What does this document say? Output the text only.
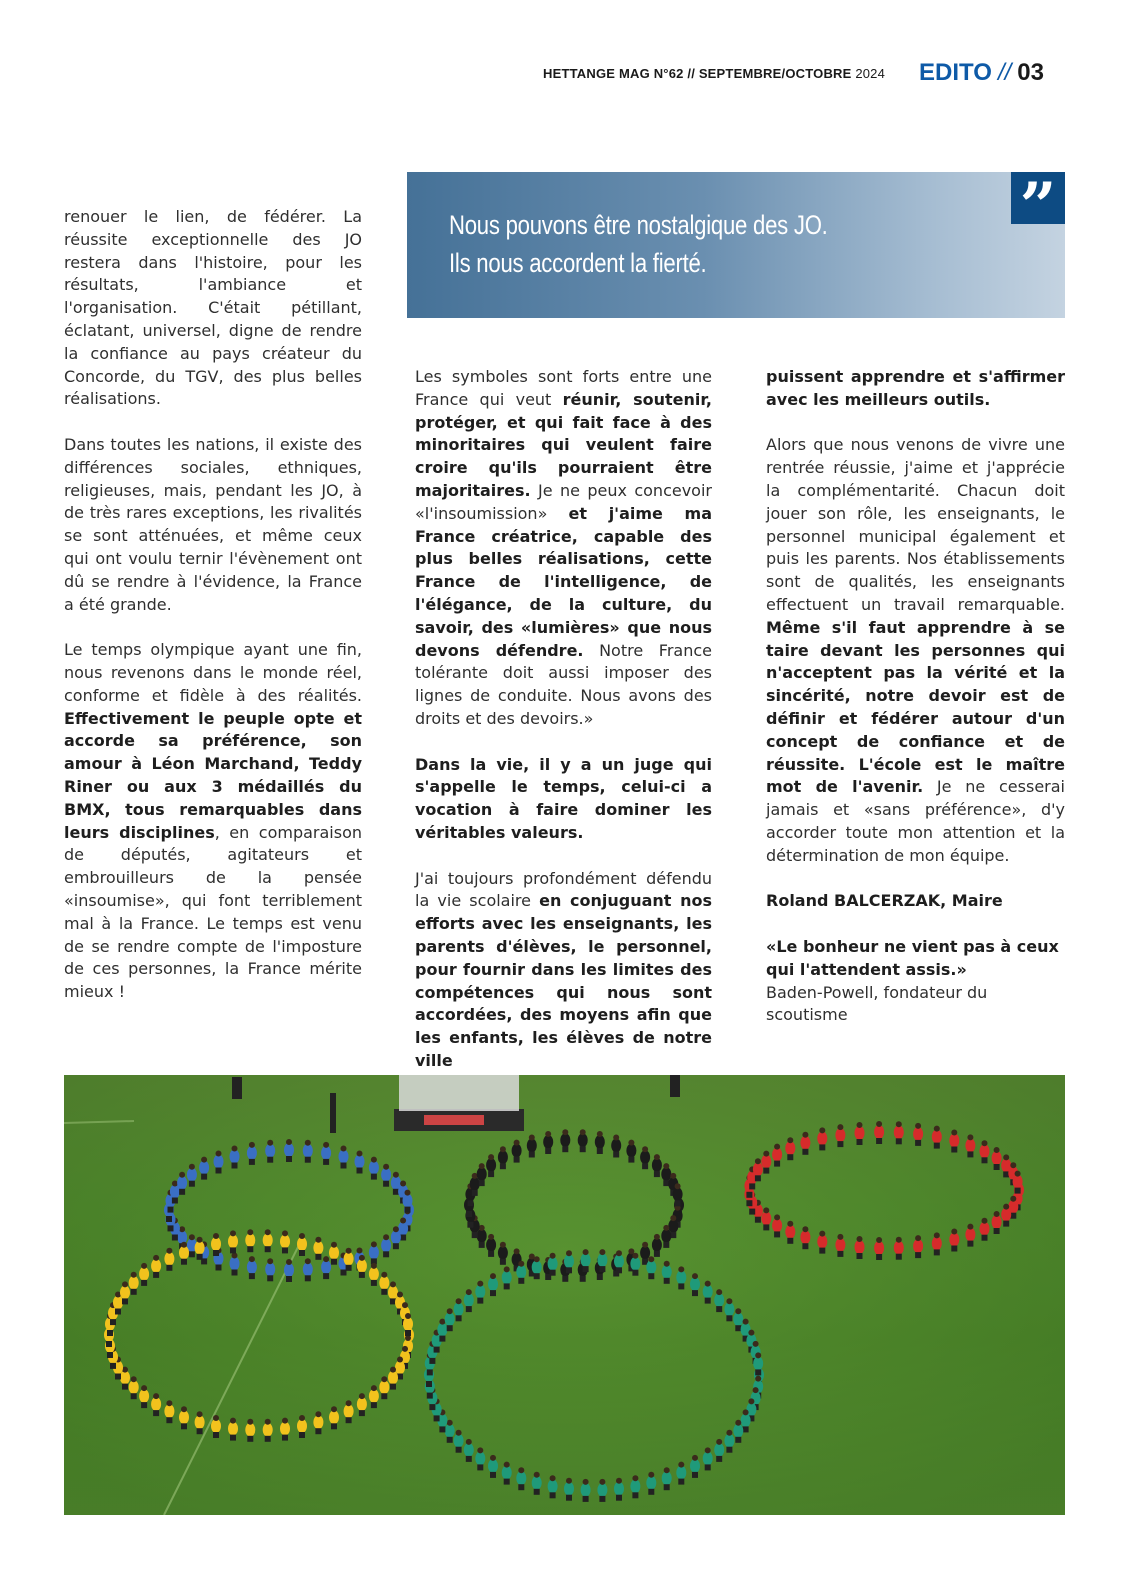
HETTANGE MAG N°62 // SEPTEMBRE/OCTOBRE 2024 EDITO // 03
Nous pouvons être nostalgique des JO.
Ils nous accordent la fierté.
”

renouer le lien, de fédérer. La réussite exceptionnelle des JO restera dans l'histoire, pour les résultats, l'ambiance et l'organisation. C'était pétillant, éclatant, universel, digne de rendre la confiance au pays créateur du Concorde, du TGV, des plus belles réalisations.

Dans toutes les nations, il existe des différences sociales, ethniques, religieuses, mais, pendant les JO, à de très rares exceptions, les rivalités se sont atténuées, et même ceux qui ont voulu ternir l'évènement ont dû se rendre à l'évidence, la France a été grande.

Le temps olympique ayant une fin, nous revenons dans le monde réel, conforme et fidèle à des réalités. Effectivement le peuple opte et accorde sa préférence, son amour à Léon Marchand, Teddy Riner ou aux 3 médaillés du BMX, tous remarquables dans leurs disciplines, en comparaison de députés, agitateurs et embrouilleurs de la pensée «insoumise», qui font terriblement mal à la France. Le temps est venu de se rendre compte de l'imposture de ces personnes, la France mérite mieux !

Les symboles sont forts entre une France qui veut réunir, soutenir, protéger, et qui fait face à des minoritaires qui veulent faire croire qu'ils pourraient être majoritaires. Je ne peux concevoir «l'insoumission» et j'aime ma France créatrice, capable des plus belles réalisations, cette France de l'intelligence, de l'élégance, de la culture, du savoir, des «lumières» que nous devons défendre. Notre France tolérante doit aussi imposer des lignes de conduite. Nous avons des droits et des devoirs.»

Dans la vie, il y a un juge qui s'appelle le temps, celui-ci a vocation à faire dominer les véritables valeurs.

J'ai toujours profondément défendu la vie scolaire en conjuguant nos efforts avec les enseignants, les parents d'élèves, le personnel, pour fournir dans les limites des compétences qui nous sont accordées, des moyens afin que les enfants, les élèves de notre ville

puissent apprendre et s'affirmer avec les meilleurs outils.

Alors que nous venons de vivre une rentrée réussie, j'aime et j'apprécie la complémentarité. Chacun doit jouer son rôle, les enseignants, le personnel municipal également et puis les parents. Nos établissements sont de qualités, les enseignants effectuent un travail remarquable. Même s'il faut apprendre à se taire devant les personnes qui n'acceptent pas la vérité et la sincérité, notre devoir est de définir et fédérer autour d'un concept de confiance et de réussite. L'école est le maître mot de l'avenir. Je ne cesserai jamais et «sans préférence», d'y accorder toute mon attention et la détermination de mon équipe.

Roland BALCERZAK, Maire

«Le bonheur ne vient pas à ceux qui l'attendent assis.»
Baden-Powell, fondateur du scoutisme
